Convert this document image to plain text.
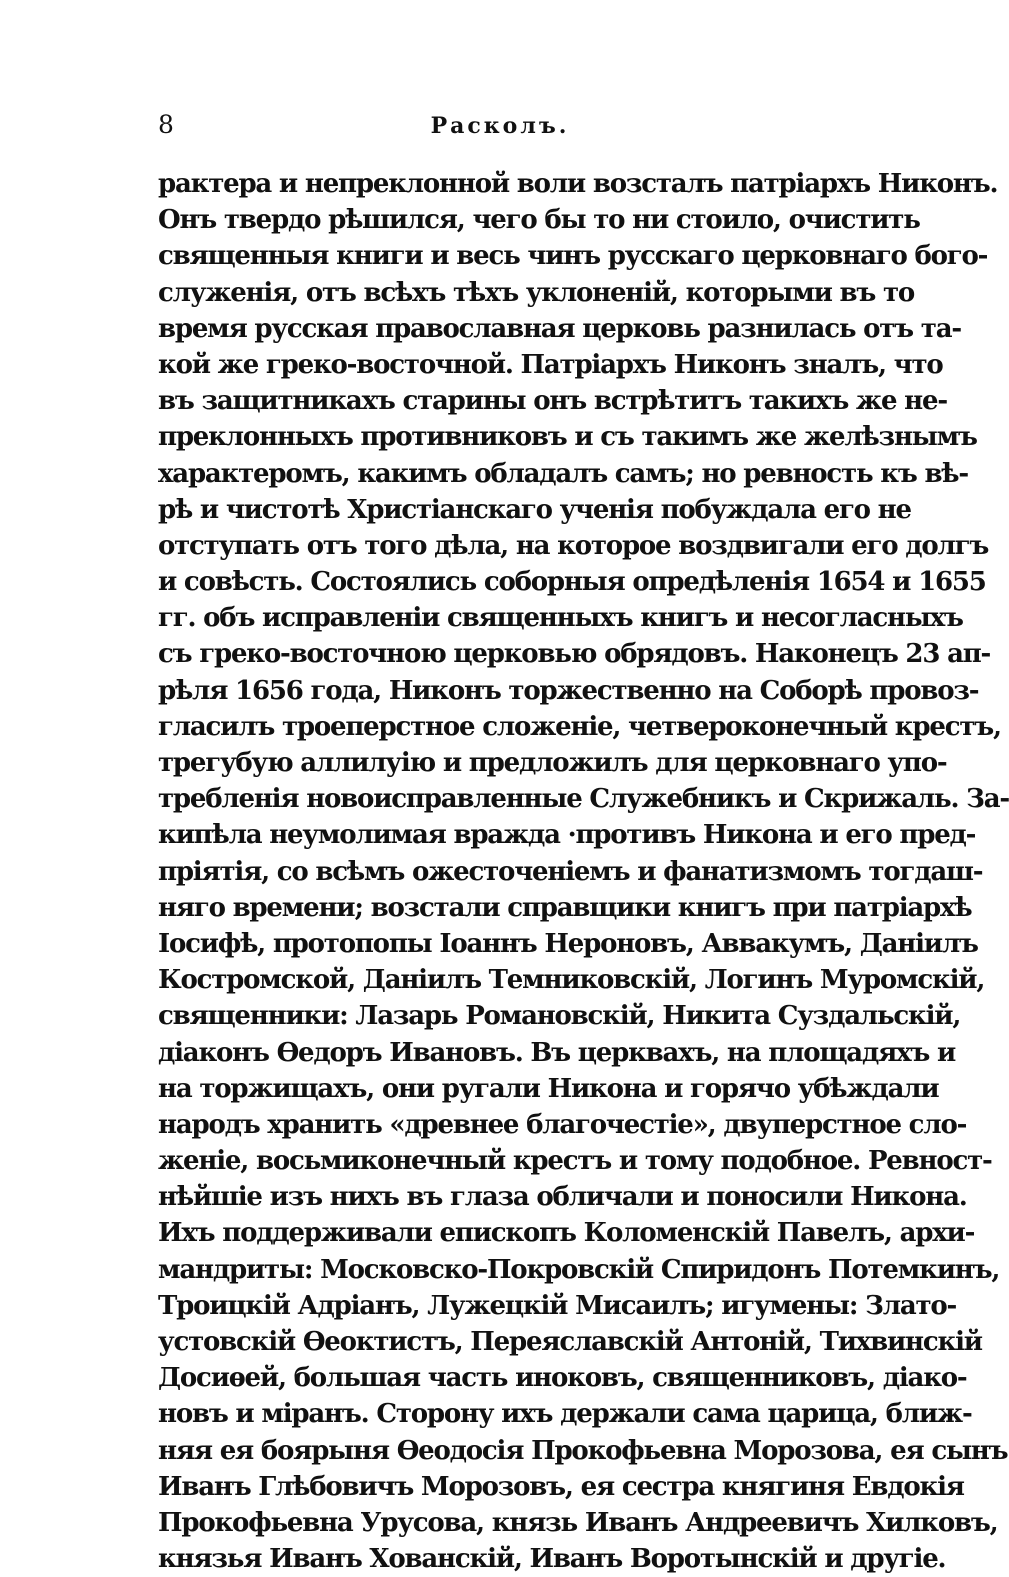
8	Расколъ.
рактера и непреклонной воли возсталъ патріархъ Никонъ.
Онъ твердо рѣшился, чего бы то ни стоило, очистить
священныя книги и весь чинъ русскаго церковнаго бого-
служенія, отъ всѣхъ тѣхъ уклоненій, которыми въ то
время русская православная церковь разнилась отъ та-
кой же греко-восточной. Патріархъ Никонъ зналъ, что
въ защитникахъ старины онъ встрѣтитъ такихъ же не-
преклонныхъ противниковъ и съ такимъ же желѣзнымъ
характеромъ, какимъ обладалъ самъ; но ревность къ вѣ-
рѣ и чистотѣ Христіанскаго ученія побуждала его не
отступать отъ того дѣла, на которое воздвигали его долгъ
и совѣсть. Состоялись соборныя опредѣленія 1654 и 1655
гг. объ исправленіи священныхъ книгъ и несогласныхъ
съ греко-восточною церковью обрядовъ. Наконецъ 23 ап-
рѣля 1656 года, Никонъ торжественно на Соборѣ провоз-
гласилъ троеперстное сложеніе, четвероконечный крестъ,
трегубую аллилуію и предложилъ для церковнаго упо-
требленія новоисправленные Служебникъ и Скрижаль. За-
кипѣла неумолимая вражда ·противъ Никона и его пред-
пріятія, со всѣмъ ожесточеніемъ и фанатизмомъ тогдаш-
няго времени; возстали справщики книгъ при патріархѣ
Іосифѣ, протопопы Іоаннъ Нероновъ, Аввакумъ, Даніилъ
Костромской, Даніилъ Темниковскій, Логинъ Муромскій,
священники: Лазарь Романовскій, Никита Суздальскій,
діаконъ Ѳедоръ Ивановъ. Въ церквахъ, на площадяхъ и
на торжищахъ, они ругали Никона и горячо убѣждали
народъ хранить «древнее благочестіе», двуперстное сло-
женіе, восьмиконечный крестъ и тому подобное. Ревност-
нѣйшіе изъ нихъ въ глаза обличали и поносили Никона.
Ихъ поддерживали епископъ Коломенскій Павелъ, архи-
мандриты: Московско-Покровскій Спиридонъ Потемкинъ,
Троицкій Адріанъ, Лужецкій Мисаилъ; игумены: Злато-
устовскій Ѳеоктистъ, Переяславскій Антоній, Тихвинскій
Досиѳей, большая часть иноковъ, священниковъ, діако-
новъ и міранъ. Сторону ихъ держали сама царица, ближ-
няя ея боярыня Ѳеодосія Прокофьевна Морозова, ея сынъ
Иванъ Глѣбовичъ Морозовъ, ея сестра княгиня Евдокія
Прокофьевна Урусова, князь Иванъ Андреевичъ Хилковъ,
князья Иванъ Хованскій, Иванъ Воротынскій и другіе.
